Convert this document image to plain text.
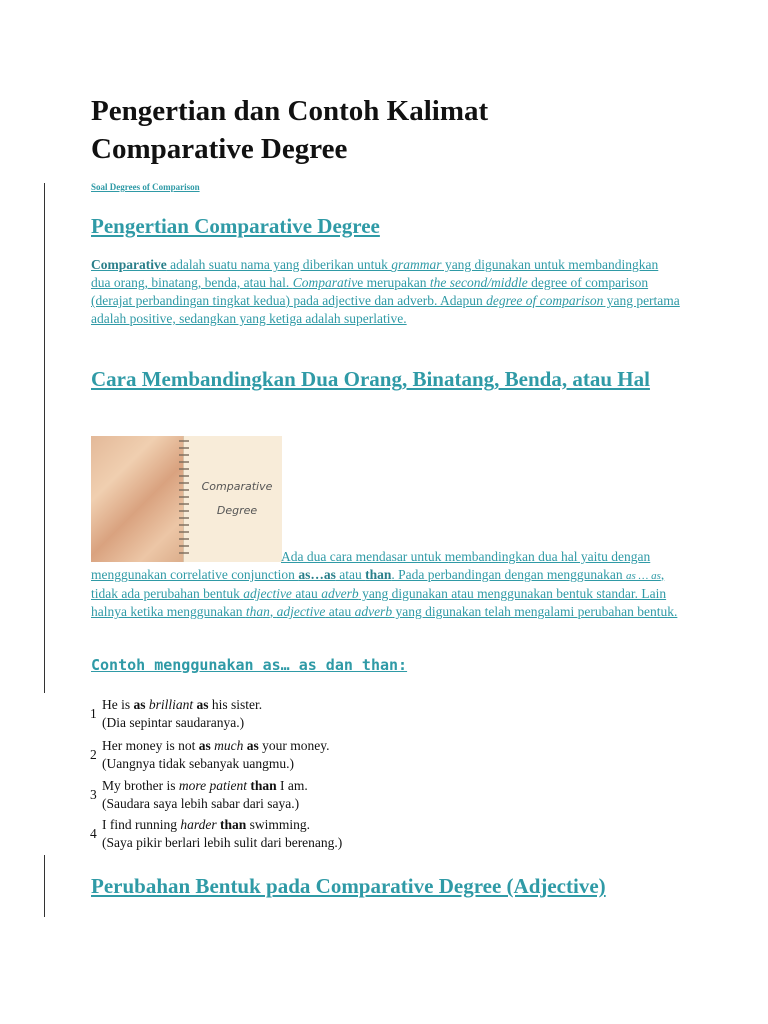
Pengertian dan Contoh Kalimat
Comparative Degree
Soal Degrees of Comparison
Pengertian Comparative Degree

Comparative adalah suatu nama yang diberikan untuk grammar yang digunakan untuk membandingkan dua orang, binatang, benda, atau hal. Comparative merupakan the second/middle degree of comparison (derajat perbandingan tingkat kedua) pada adjective dan adverb. Adapun degree of comparison yang pertama adalah positive, sedangkan yang ketiga adalah superlative.

Cara Membandingkan Dua Orang, Binatang, Benda, atau Hal
Comparative
Degree

Ada dua cara mendasar untuk membandingkan dua hal yaitu dengan menggunakan correlative conjunction as…as atau than. Pada perbandingan dengan menggunakan as … as, tidak ada perubahan bentuk adjective atau adverb yang digunakan atau menggunakan bentuk standar. Lain halnya ketika menggunakan than, adjective atau adverb yang digunakan telah mengalami perubahan bentuk.

Contoh menggunakan as… as dan than:
1
He is as brilliant as his sister.
(Dia sepintar saudaranya.)
2
Her money is not as much as your money.
(Uangnya tidak sebanyak uangmu.)
3
My brother is more patient than I am.
(Saudara saya lebih sabar dari saya.)
4
I find running harder than swimming.
(Saya pikir berlari lebih sulit dari berenang.)
Perubahan Bentuk pada Comparative Degree (Adjective)
